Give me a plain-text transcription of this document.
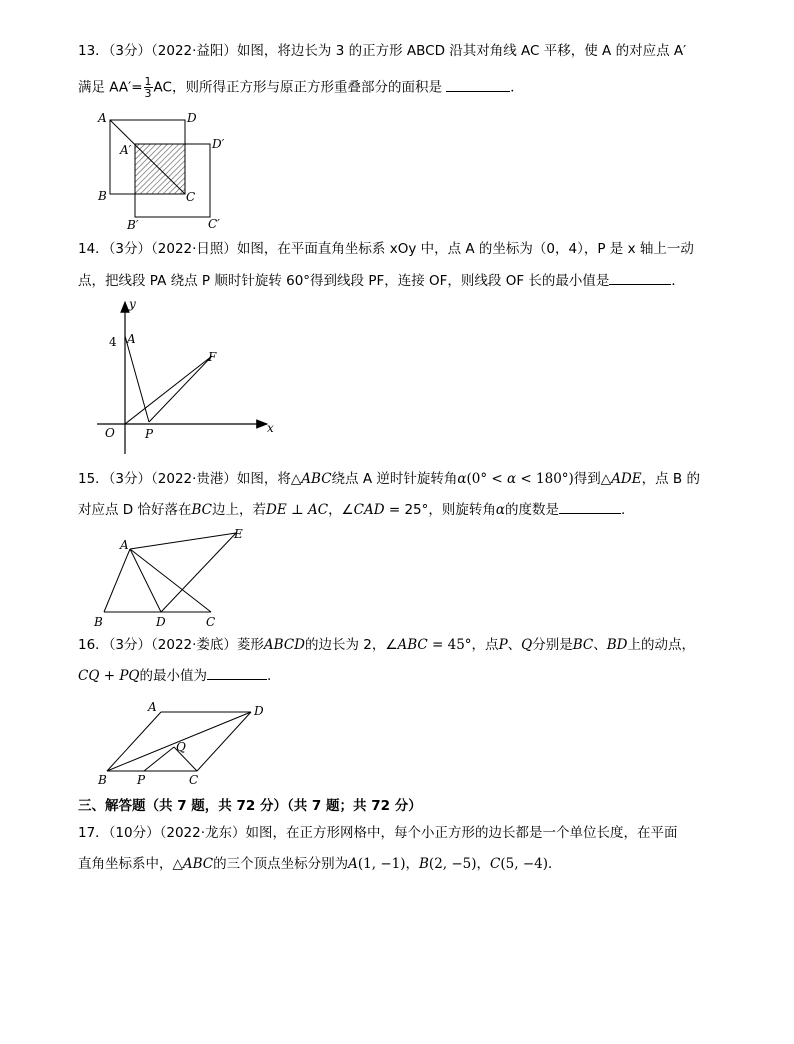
13．（3分）（2022·益阳）如图，将边长为 3 的正方形 ABCD 沿其对角线 AC 平移，使 A 的对应点 A′
满足 $AA'= \frac{1}{3}$ AC，则所得正方形与原正方形重叠部分的面积是	．
A	D
A′	D′
B	C
B′	C′
14．（3分）（2022·日照）如图，在平面直角坐标系 xOy 中，点 A 的坐标为（0，4），P 是 x 轴上一动
点，把线段 PA 绕点 P 顺时针旋转 60°得到线段 PF，连接 OF，则线段 OF 长的最小值是	．
y
x
4 A
F
O	P
15．（3分）（2022·贵港）如图，将△ABC绕点 A 逆时针旋转角α(0° < α < 180°)得到△ADE，点 B 的
对应点 D 恰好落在BC边上，若DE ⊥ AC，∠CAD = 25°，则旋转角α的度数是	.
A
E
B	D	C
16．（3分）（2022·娄底）菱形ABCD的边长为 2，∠ABC = 45°，点P、Q分别是BC、BD上的动点，
CQ + PQ的最小值为	.
A	D
Q
B	P	C
三、解答题（共 7 题，共 72 分）（共 7 题；共 72 分）
17．（10分）（2022·龙东）如图，在正方形网格中，每个小正方形的边长都是一个单位长度，在平面
直角坐标系中，△ABC的三个顶点坐标分别为A(1, −1)，B(2, −5)，C(5, −4)．
